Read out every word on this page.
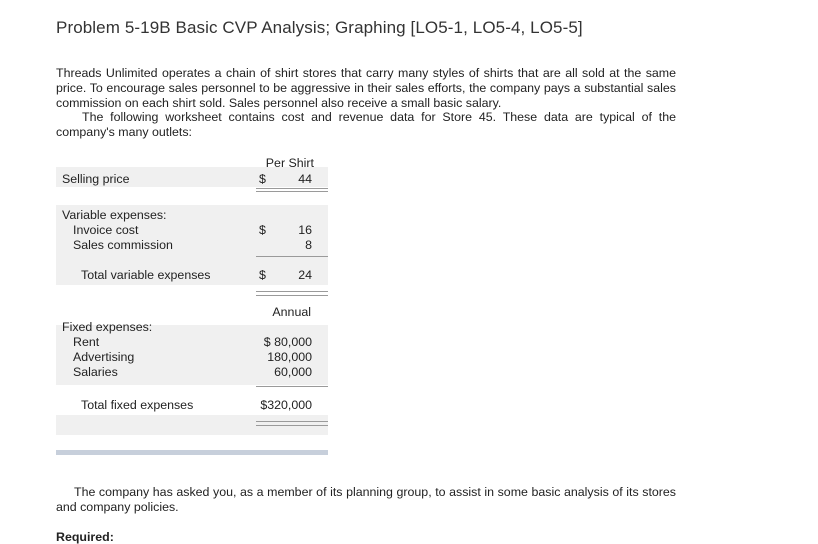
Problem 5-19B Basic CVP Analysis; Graphing [LO5-1, LO5-4, LO5-5]
Threads Unlimited operates a chain of shirt stores that carry many styles of shirts that are all sold at the same price. To encourage sales personnel to be aggressive in their sales efforts, the company pays a substantial sales commission on each shirt sold. Sales personnel also receive a small basic salary.
The following worksheet contains cost and revenue data for Store 45. These data are typical of the company's many outlets:
Per Shirt
Selling price	$	44
Variable expenses:
Invoice cost	$	16
Sales commission	8
Total variable expenses	$	24
Annual
Fixed expenses:
Rent	$ 80,000
Advertising	180,000
Salaries	60,000
Total fixed expenses	$320,000
The company has asked you, as a member of its planning group, to assist in some basic analysis of its stores and company policies.
Required:
